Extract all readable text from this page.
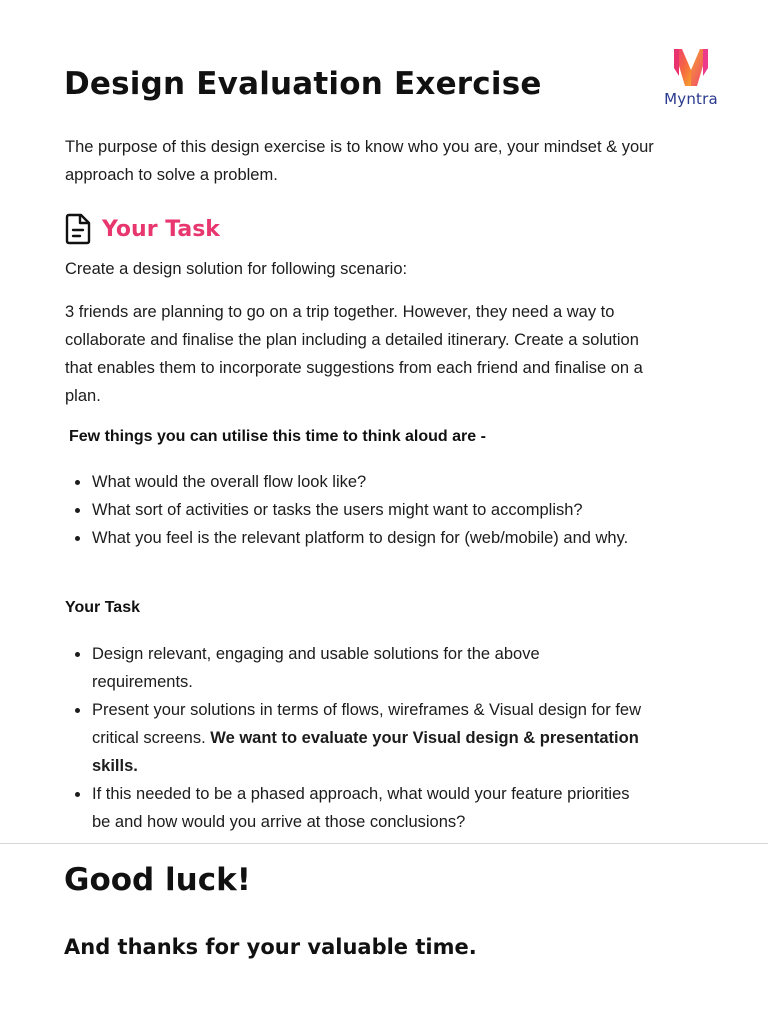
Design Evaluation Exercise	Myntra

The purpose of this design exercise is to know who you are, your mindset & your approach to solve a problem.

Your Task

Create a design solution for following scenario:

3 friends are planning to go on a trip together. However, they need a way to collaborate and finalise the plan including a detailed itinerary. Create a solution that enables them to incorporate suggestions from each friend and finalise on a plan.

Few things you can utilise this time to think aloud are -

What would the overall flow look like?
What sort of activities or tasks the users might want to accomplish?
What you feel is the relevant platform to design for (web/mobile) and why.

Your Task

Design relevant, engaging and usable solutions for the above requirements.
Present your solutions in terms of flows, wireframes & Visual design for few critical screens. We want to evaluate your Visual design & presentation skills.
If this needed to be a phased approach, what would your feature priorities be and how would you arrive at those conclusions?
Good luck!

And thanks for your valuable time.
